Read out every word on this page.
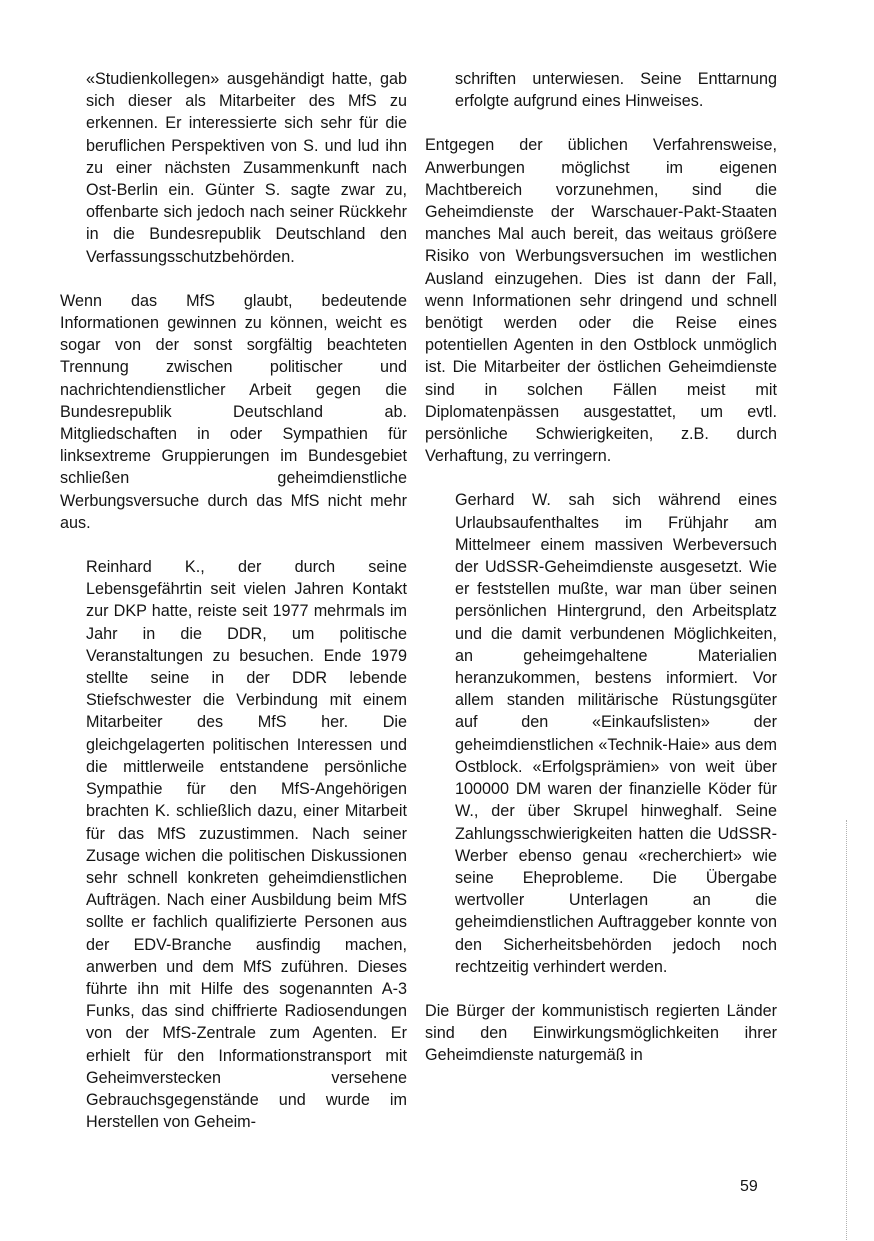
«Studienkollegen» ausgehändigt hatte, gab sich dieser als Mitarbeiter des MfS zu erkennen. Er interessierte sich sehr für die beruflichen Perspektiven von S. und lud ihn zu einer nächsten Zusammenkunft nach Ost-Berlin ein. Günter S. sagte zwar zu, offenbarte sich jedoch nach seiner Rückkehr in die Bundesrepublik Deutschland den Verfassungsschutzbehörden.

Wenn das MfS glaubt, bedeutende Informationen gewinnen zu können, weicht es sogar von der sonst sorgfältig beachteten Trennung zwischen politischer und nachrichtendienstlicher Arbeit gegen die Bundesrepublik Deutschland ab. Mitgliedschaften in oder Sympathien für linksextreme Gruppierungen im Bundesgebiet schließen geheimdienstliche Werbungsversuche durch das MfS nicht mehr aus.

Reinhard K., der durch seine Lebensgefährtin seit vielen Jahren Kontakt zur DKP hatte, reiste seit 1977 mehrmals im Jahr in die DDR, um politische Veranstaltungen zu besuchen. Ende 1979 stellte seine in der DDR lebende Stiefschwester die Verbindung mit einem Mitarbeiter des MfS her. Die gleichgelagerten politischen Interessen und die mittlerweile entstandene persönliche Sympathie für den MfS-Angehörigen brachten K. schließlich dazu, einer Mitarbeit für das MfS zuzustimmen. Nach seiner Zusage wichen die politischen Diskussionen sehr schnell konkreten geheimdienstlichen Aufträgen. Nach einer Ausbildung beim MfS sollte er fachlich qualifizierte Personen aus der EDV-Branche ausfindig machen, anwerben und dem MfS zuführen. Dieses führte ihn mit Hilfe des sogenannten A-3 Funks, das sind chiffrierte Radiosendungen von der MfS-Zentrale zum Agenten. Er erhielt für den Informationstransport mit Geheimverstecken versehene Gebrauchsgegenstände und wurde im Herstellen von Geheim-

schriften unterwiesen. Seine Enttarnung erfolgte aufgrund eines Hinweises.

Entgegen der üblichen Verfahrensweise, Anwerbungen möglichst im eigenen Machtbereich vorzunehmen, sind die Geheimdienste der Warschauer-Pakt-Staaten manches Mal auch bereit, das weitaus größere Risiko von Werbungsversuchen im westlichen Ausland einzugehen. Dies ist dann der Fall, wenn Informationen sehr dringend und schnell benötigt werden oder die Reise eines potentiellen Agenten in den Ostblock unmöglich ist. Die Mitarbeiter der östlichen Geheimdienste sind in solchen Fällen meist mit Diplomatenpässen ausgestattet, um evtl. persönliche Schwierigkeiten, z.B. durch Verhaftung, zu verringern.

Gerhard W. sah sich während eines Urlaubsaufenthaltes im Frühjahr am Mittelmeer einem massiven Werbeversuch der UdSSR-Geheimdienste ausgesetzt. Wie er feststellen mußte, war man über seinen persönlichen Hintergrund, den Arbeitsplatz und die damit verbundenen Möglichkeiten, an geheimgehaltene Materialien heranzukommen, bestens informiert. Vor allem standen militärische Rüstungsgüter auf den «Einkaufslisten» der geheimdienstlichen «Technik-Haie» aus dem Ostblock. «Erfolgsprämien» von weit über 100000 DM waren der finanzielle Köder für W., der über Skrupel hinweghalf. Seine Zahlungsschwierigkeiten hatten die UdSSR-Werber ebenso genau «recherchiert» wie seine Eheprobleme. Die Übergabe wertvoller Unterlagen an die geheimdienstlichen Auftraggeber konnte von den Sicherheitsbehörden jedoch noch rechtzeitig verhindert werden.

Die Bürger der kommunistisch regierten Länder sind den Einwirkungsmöglichkeiten ihrer Geheimdienste naturgemäß in

59
